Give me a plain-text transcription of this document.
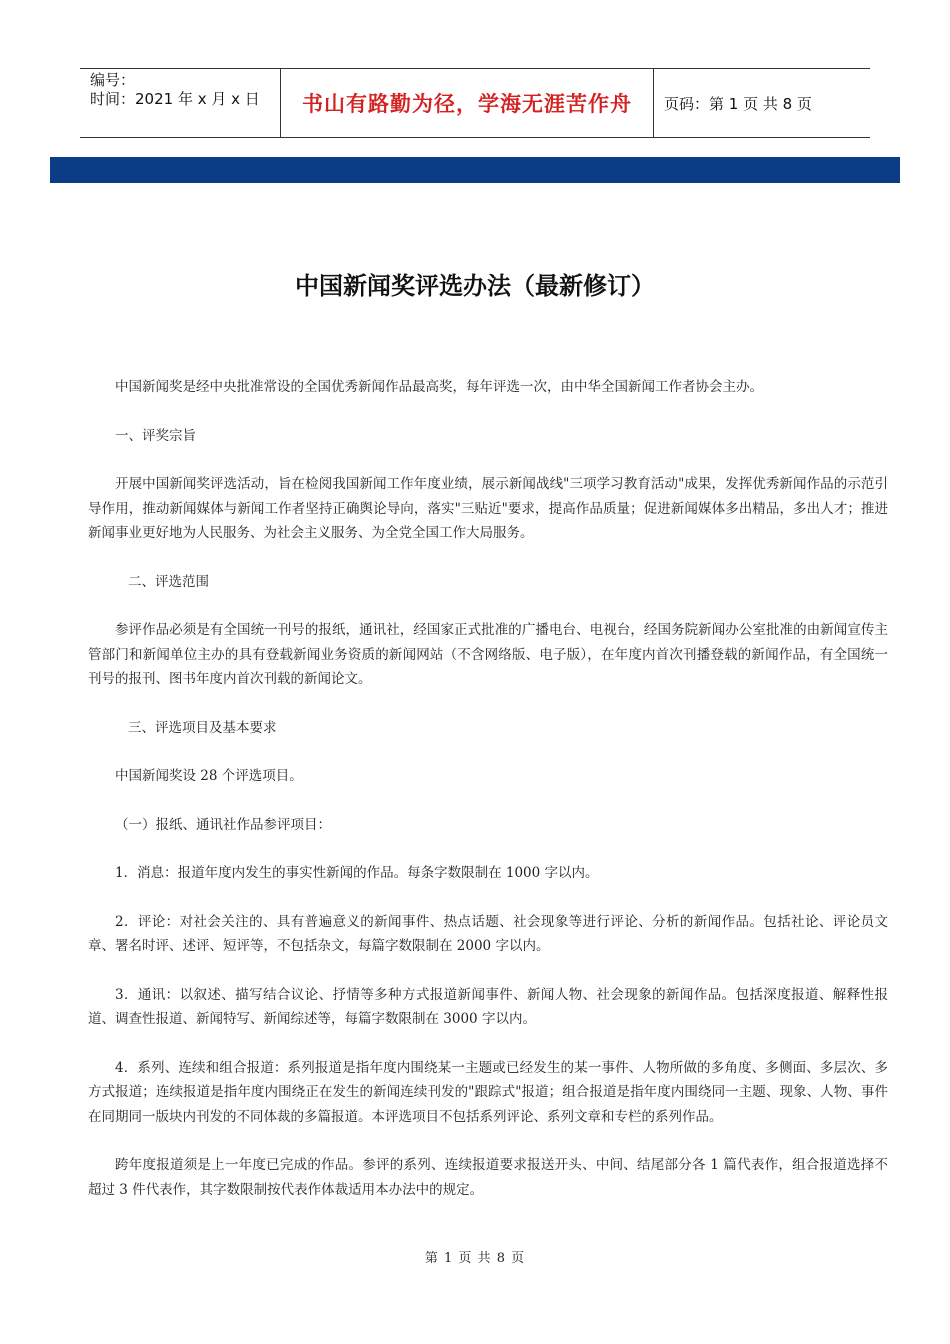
编号：
时间：2021 年 x 月 x 日	书山有路勤为径，学海无涯苦作舟	页码：第 1 页 共 8 页
中国新闻奖评选办法（最新修订）

中国新闻奖是经中央批准常设的全国优秀新闻作品最高奖，每年评选一次，由中华全国新闻工作者协会主办。

一、评奖宗旨

开展中国新闻奖评选活动，旨在检阅我国新闻工作年度业绩，展示新闻战线"三项学习教育活动"成果，发挥优秀新闻作品的示范引导作用，推动新闻媒体与新闻工作者坚持正确舆论导向，落实"三贴近"要求，提高作品质量；促进新闻媒体多出精品，多出人才；推进新闻事业更好地为人民服务、为社会主义服务、为全党全国工作大局服务。

二、评选范围

参评作品必须是有全国统一刊号的报纸，通讯社，经国家正式批准的广播电台、电视台，经国务院新闻办公室批准的由新闻宣传主管部门和新闻单位主办的具有登载新闻业务资质的新闻网站（不含网络版、电子版），在年度内首次刊播登载的新闻作品，有全国统一刊号的报刊、图书年度内首次刊载的新闻论文。

三、评选项目及基本要求

中国新闻奖设 28 个评选项目。

（一）报纸、通讯社作品参评项目：

1．消息：报道年度内发生的事实性新闻的作品。每条字数限制在 1000 字以内。

2．评论：对社会关注的、具有普遍意义的新闻事件、热点话题、社会现象等进行评论、分析的新闻作品。包括社论、评论员文章、署名时评、述评、短评等，不包括杂文，每篇字数限制在 2000 字以内。

3．通讯：以叙述、描写结合议论、抒情等多种方式报道新闻事件、新闻人物、社会现象的新闻作品。包括深度报道、解释性报道、调查性报道、新闻特写、新闻综述等，每篇字数限制在 3000 字以内。

4．系列、连续和组合报道：系列报道是指年度内围绕某一主题或已经发生的某一事件、人物所做的多角度、多侧面、多层次、多方式报道；连续报道是指年度内围绕正在发生的新闻连续刊发的"跟踪式"报道；组合报道是指年度内围绕同一主题、现象、人物、事件在同期同一版块内刊发的不同体裁的多篇报道。本评选项目不包括系列评论、系列文章和专栏的系列作品。

跨年度报道须是上一年度已完成的作品。参评的系列、连续报道要求报送开头、中间、结尾部分各 1 篇代表作，组合报道选择不超过 3 件代表作，其字数限制按代表作体裁适用本办法中的规定。

第 1 页 共 8 页
